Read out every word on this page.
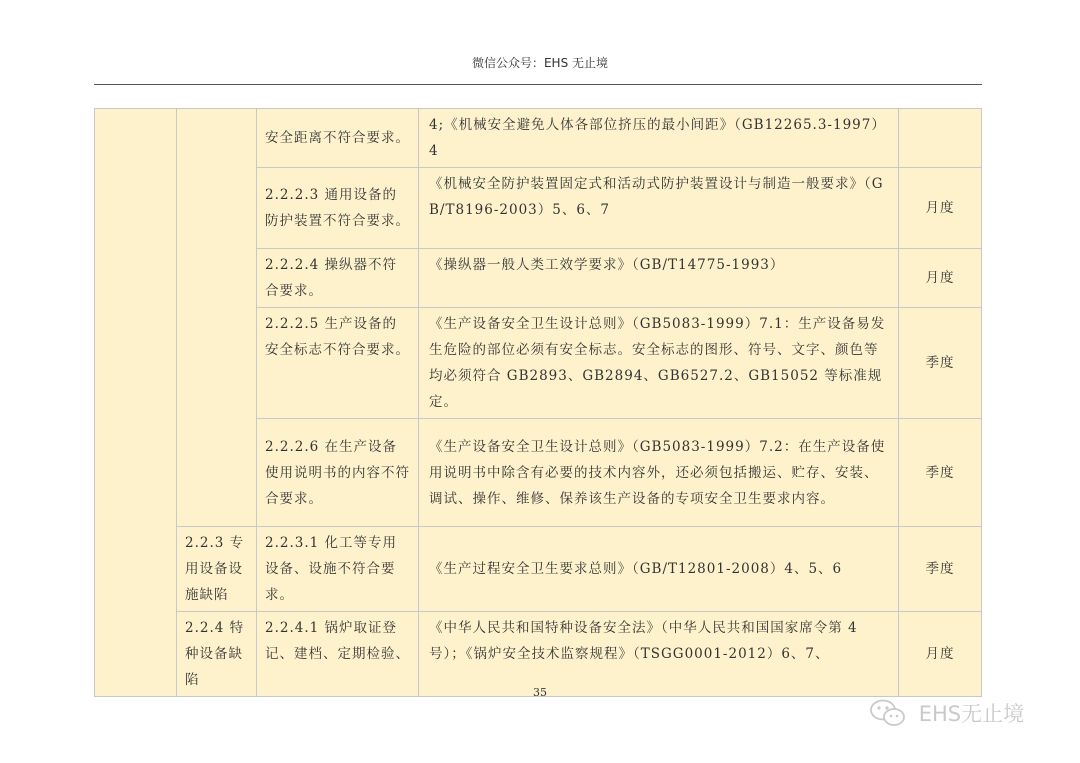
微信公众号：EHS 无止境
		安全距离不符合要求。	4;《机械安全避免人体各部位挤压的最小间距》（GB12265.3-1997）4	
		2.2.2.3 通用设备的防护装置不符合要求。	《机械安全防护装置固定式和活动式防护装置设计与制造一般要求》（GB/T8196-2003）5、6、7	月度
		2.2.2.4 操纵器不符合要求。	《操纵器一般人类工效学要求》（GB/T14775-1993）	月度
		2.2.2.5 生产设备的安全标志不符合要求。	《生产设备安全卫生设计总则》（GB5083-1999）7.1：生产设备易发生危险的部位必须有安全标志。安全标志的图形、符号、文字、颜色等均必须符合 GB2893、GB2894、GB6527.2、GB15052 等标准规定。	季度
		2.2.2.6 在生产设备使用说明书的内容不符合要求。	《生产设备安全卫生设计总则》（GB5083-1999）7.2：在生产设备使用说明书中除含有必要的技术内容外，还必须包括搬运、贮存、安装、调试、操作、维修、保养该生产设备的专项安全卫生要求内容。	季度
	2.2.3 专用设备设施缺陷	2.2.3.1 化工等专用设备、设施不符合要求。	《生产过程安全卫生要求总则》（GB/T12801-2008）4、5、6	季度
	2.2.4 特种设备缺陷	2.2.4.1 锅炉取证登记、建档、定期检验、	《中华人民共和国特种设备安全法》（中华人民共和国国家席令第 4 号）；《锅炉安全技术监察规程》（TSGG0001-2012）6、7、	月度
35
EHS无止境
